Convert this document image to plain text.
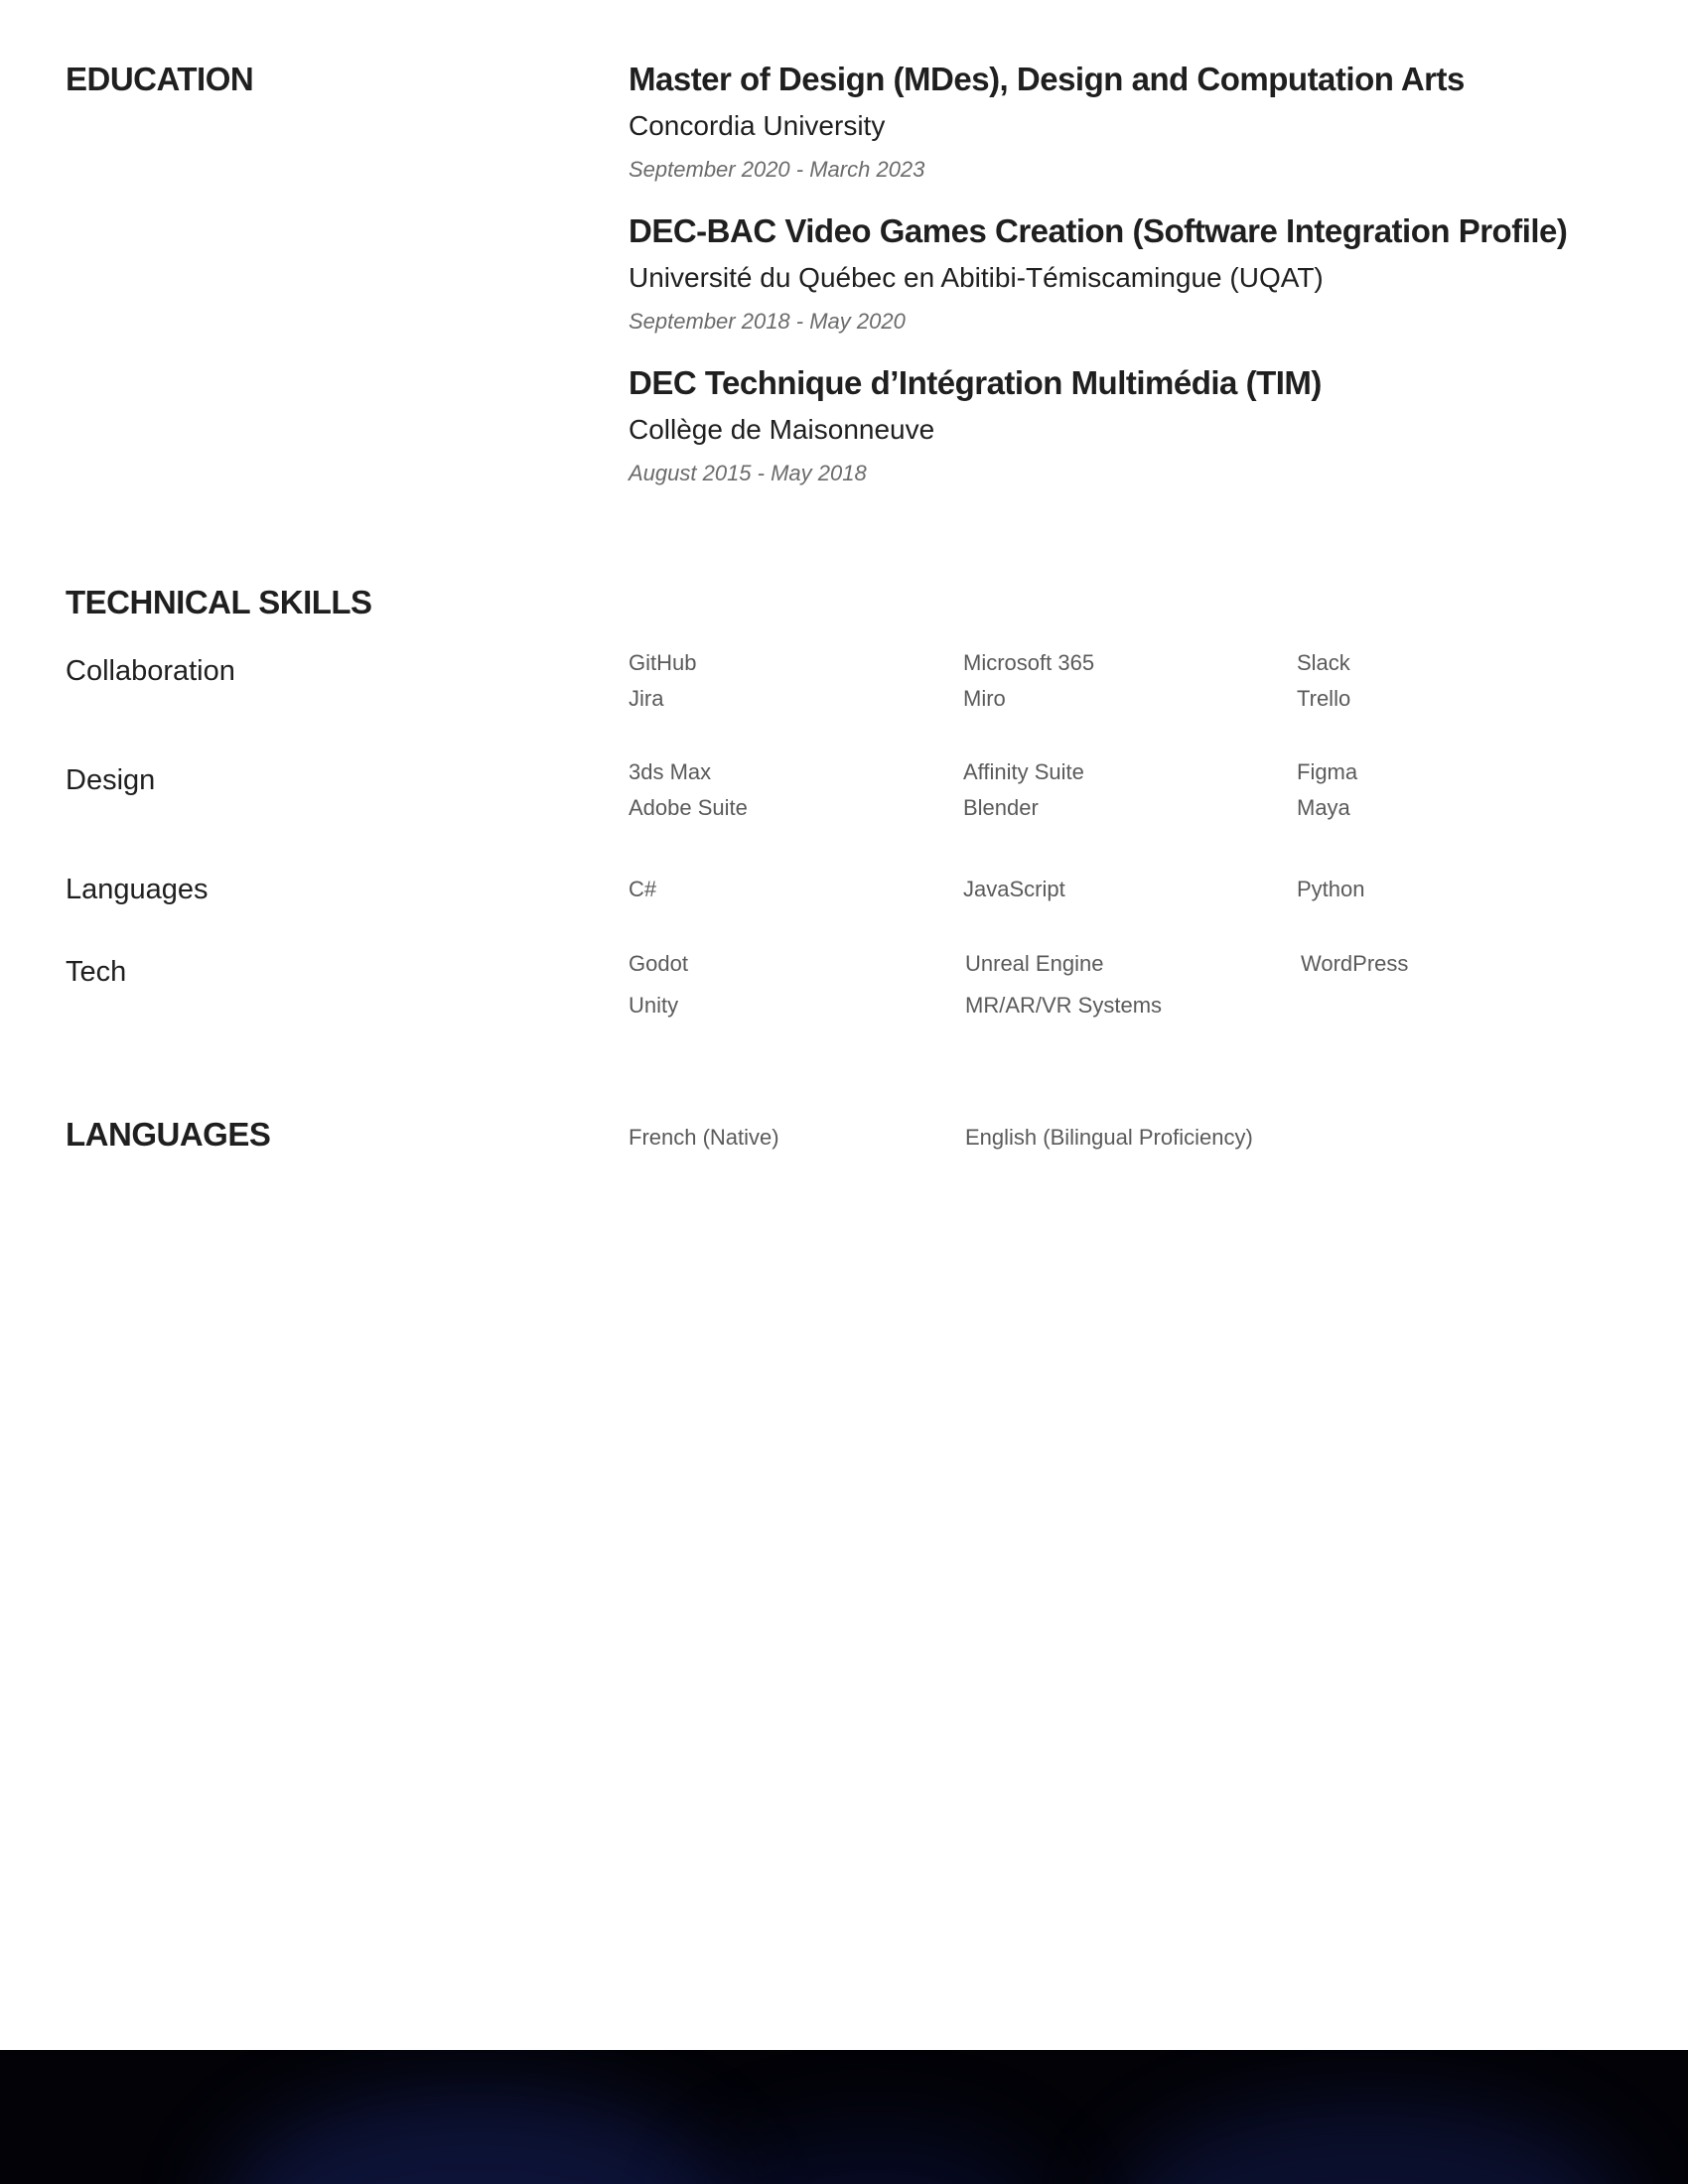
EDUCATION	Master of Design (MDes), Design and Computation Arts
Concordia University
September 2020 - March 2023
DEC-BAC Video Games Creation (Software Integration Profile)
Université du Québec en Abitibi-Témiscamingue (UQAT)
September 2018 - May 2020
DEC Technique d’Intégration Multimédia (TIM)
Collège de Maisonneuve
August 2015 - May 2018
TECHNICAL SKILLS
Collaboration	GitHub	Microsoft 365	Slack
Jira	Miro	Trello
Design	3ds Max	Affinity Suite	Figma
Adobe Suite	Blender	Maya
Languages	C#	JavaScript	Python
Tech	Godot	Unreal Engine	WordPress
Unity	MR/AR/VR Systems
LANGUAGES	French (Native)	English (Bilingual Proficiency)
